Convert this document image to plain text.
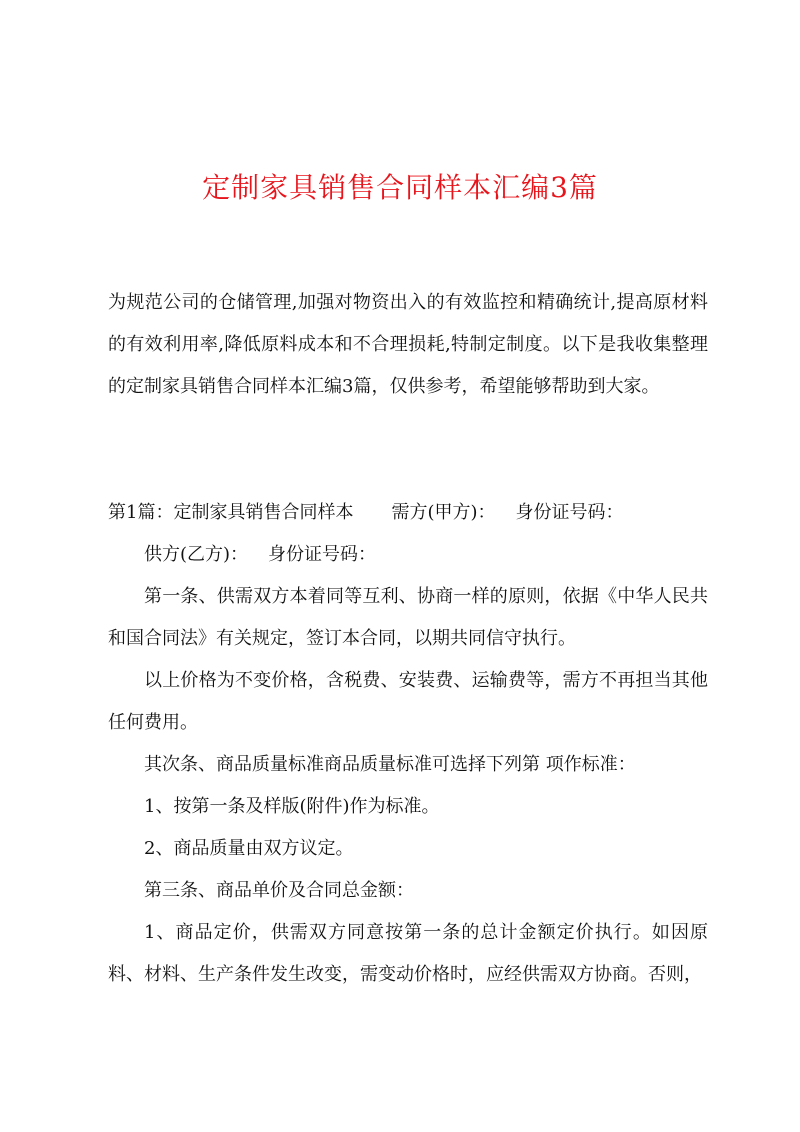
定制家具销售合同样本汇编3篇
为规范公司的仓储管理,加强对物资出入的有效监控和精确统计,提高原材料的有效利用率,降低原料成本和不合理损耗,特制定制度。以下是我收集整理的定制家具销售合同样本汇编3篇，仅供参考，希望能够帮助到大家。

第1篇：定制家具销售合同样本 需方(甲方)： 身份证号码：

供方(乙方)： 身份证号码：

第一条、供需双方本着同等互利、协商一样的原则，依据《中华人民共和国合同法》有关规定，签订本合同，以期共同信守执行。

以上价格为不变价格，含税费、安装费、运输费等，需方不再担当其他任何费用。

其次条、商品质量标准商品质量标准可选择下列第 项作标准：

1、按第一条及样版(附件)作为标准。

2、商品质量由双方议定。

第三条、商品单价及合同总金额：

1、商品定价，供需双方同意按第一条的总计金额定价执行。如因原料、材料、生产条件发生改变，需变动价格时，应经供需双方协商。否则，
